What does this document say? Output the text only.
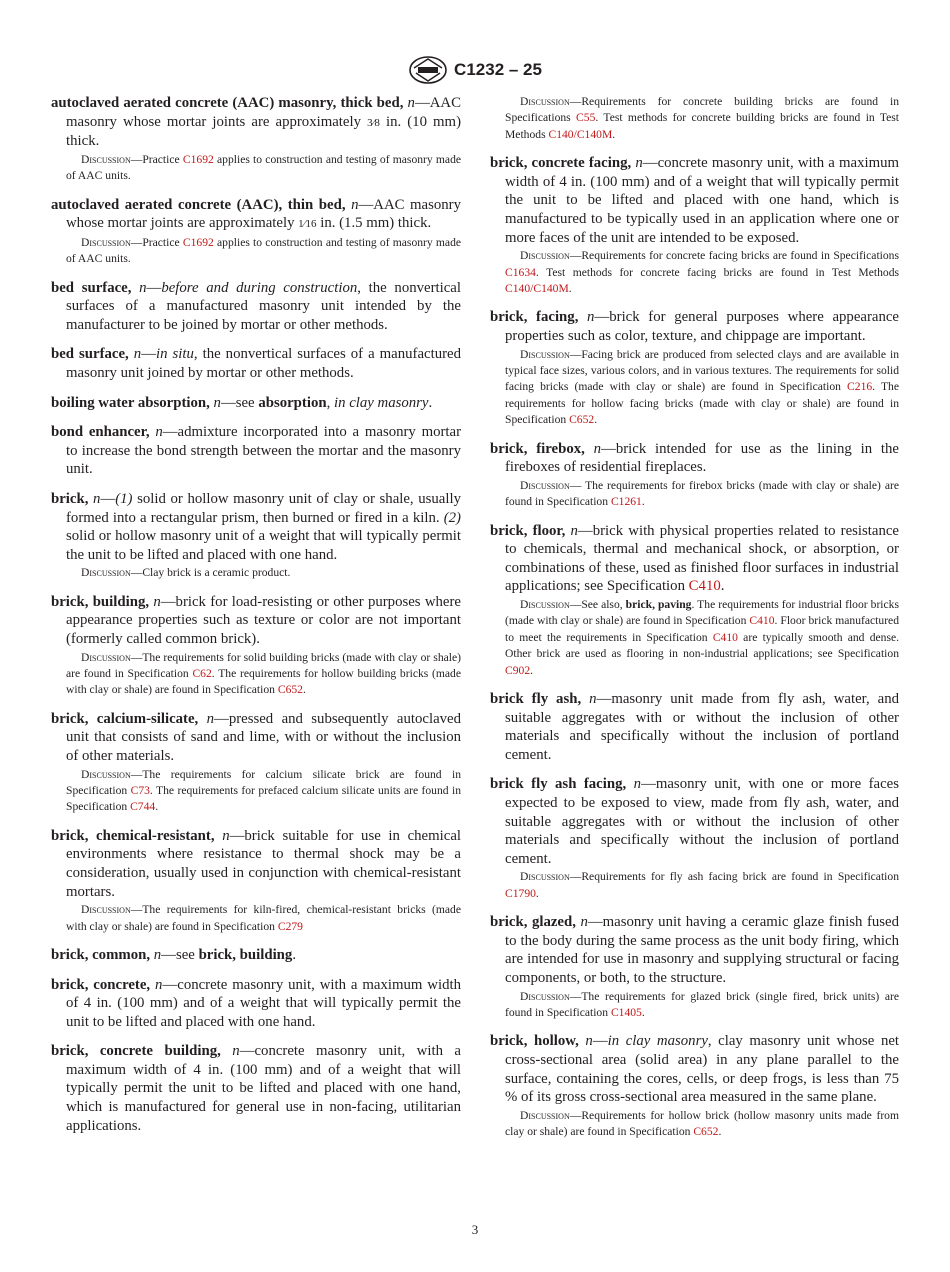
C1232 – 25

autoclaved aerated concrete (AAC) masonry, thick bed, n—AAC masonry whose mortar joints are approximately 3⁄8 in. (10 mm) thick.

Discussion—Practice C1692 applies to construction and testing of masonry made of AAC units.

autoclaved aerated concrete (AAC), thin bed, n—AAC masonry whose mortar joints are approximately 1⁄16 in. (1.5 mm) thick.

Discussion—Practice C1692 applies to construction and testing of masonry made of AAC units.

bed surface, n—before and during construction, the nonvertical surfaces of a manufactured masonry unit intended by the manufacturer to be joined by mortar or other methods.

bed surface, n—in situ, the nonvertical surfaces of a manufactured masonry unit joined by mortar or other methods.

boiling water absorption, n—see absorption, in clay masonry.

bond enhancer, n—admixture incorporated into a masonry mortar to increase the bond strength between the mortar and the masonry unit.

brick, n—(1) solid or hollow masonry unit of clay or shale, usually formed into a rectangular prism, then burned or fired in a kiln. (2) solid or hollow masonry unit of a weight that will typically permit the unit to be lifted and placed with one hand.

Discussion—Clay brick is a ceramic product.

brick, building, n—brick for load-resisting or other purposes where appearance properties such as texture or color are not important (formerly called common brick).

Discussion—The requirements for solid building bricks (made with clay or shale) are found in Specification C62. The requirements for hollow building bricks (made with clay or shale) are found in Specification C652.

brick, calcium-silicate, n—pressed and subsequently autoclaved unit that consists of sand and lime, with or without the inclusion of other materials.

Discussion—The requirements for calcium silicate brick are found in Specification C73. The requirements for prefaced calcium silicate units are found in Specification C744.

brick, chemical-resistant, n—brick suitable for use in chemical environments where resistance to thermal shock may be a consideration, usually used in conjunction with chemical-resistant mortars.

Discussion—The requirements for kiln-fired, chemical-resistant bricks (made with clay or shale) are found in Specification C279

brick, common, n—see brick, building.

brick, concrete, n—concrete masonry unit, with a maximum width of 4 in. (100 mm) and of a weight that will typically permit the unit to be lifted and placed with one hand.

brick, concrete building, n—concrete masonry unit, with a maximum width of 4 in. (100 mm) and of a weight that will typically permit the unit to be lifted and placed with one hand, which is manufactured for general use in non-facing, utilitarian applications.

Discussion—Requirements for concrete building bricks are found in Specifications C55. Test methods for concrete building bricks are found in Test Methods C140/C140M.

brick, concrete facing, n—concrete masonry unit, with a maximum width of 4 in. (100 mm) and of a weight that will typically permit the unit to be lifted and placed with one hand, which is manufactured to be typically used in an application where one or more faces of the unit are intended to be exposed.

Discussion—Requirements for concrete facing bricks are found in Specifications C1634. Test methods for concrete facing bricks are found in Test Methods C140/C140M.

brick, facing, n—brick for general purposes where appearance properties such as color, texture, and chippage are important.

Discussion—Facing brick are produced from selected clays and are available in typical face sizes, various colors, and in various textures. The requirements for solid facing bricks (made with clay or shale) are found in Specification C216. The requirements for hollow facing bricks (made with clay or shale) are found in Specification C652.

brick, firebox, n—brick intended for use as the lining in the fireboxes of residential fireplaces.

Discussion— The requirements for firebox bricks (made with clay or shale) are found in Specification C1261.

brick, floor, n—brick with physical properties related to resistance to chemicals, thermal and mechanical shock, or absorption, or combinations of these, used as finished floor surfaces in industrial applications; see Specification C410.

Discussion—See also, brick, paving. The requirements for industrial floor bricks (made with clay or shale) are found in Specification C410. Floor brick manufactured to meet the requirements in Specification C410 are typically smooth and dense. Other brick are used as flooring in non-industrial applications; see Specification C902.

brick fly ash, n—masonry unit made from fly ash, water, and suitable aggregates with or without the inclusion of other materials and specifically without the inclusion of portland cement.

brick fly ash facing, n—masonry unit, with one or more faces expected to be exposed to view, made from fly ash, water, and suitable aggregates with or without the inclusion of other materials and specifically without the inclusion of portland cement.

Discussion—Requirements for fly ash facing brick are found in Specification C1790.

brick, glazed, n—masonry unit having a ceramic glaze finish fused to the body during the same process as the unit body firing, which are intended for use in masonry and supplying structural or facing components, or both, to the structure.

Discussion—The requirements for glazed brick (single fired, brick units) are found in Specification C1405.

brick, hollow, n—in clay masonry, clay masonry unit whose net cross-sectional area (solid area) in any plane parallel to the surface, containing the cores, cells, or deep frogs, is less than 75 % of its gross cross-sectional area measured in the same plane.

Discussion—Requirements for hollow brick (hollow masonry units made from clay or shale) are found in Specification C652.

3
